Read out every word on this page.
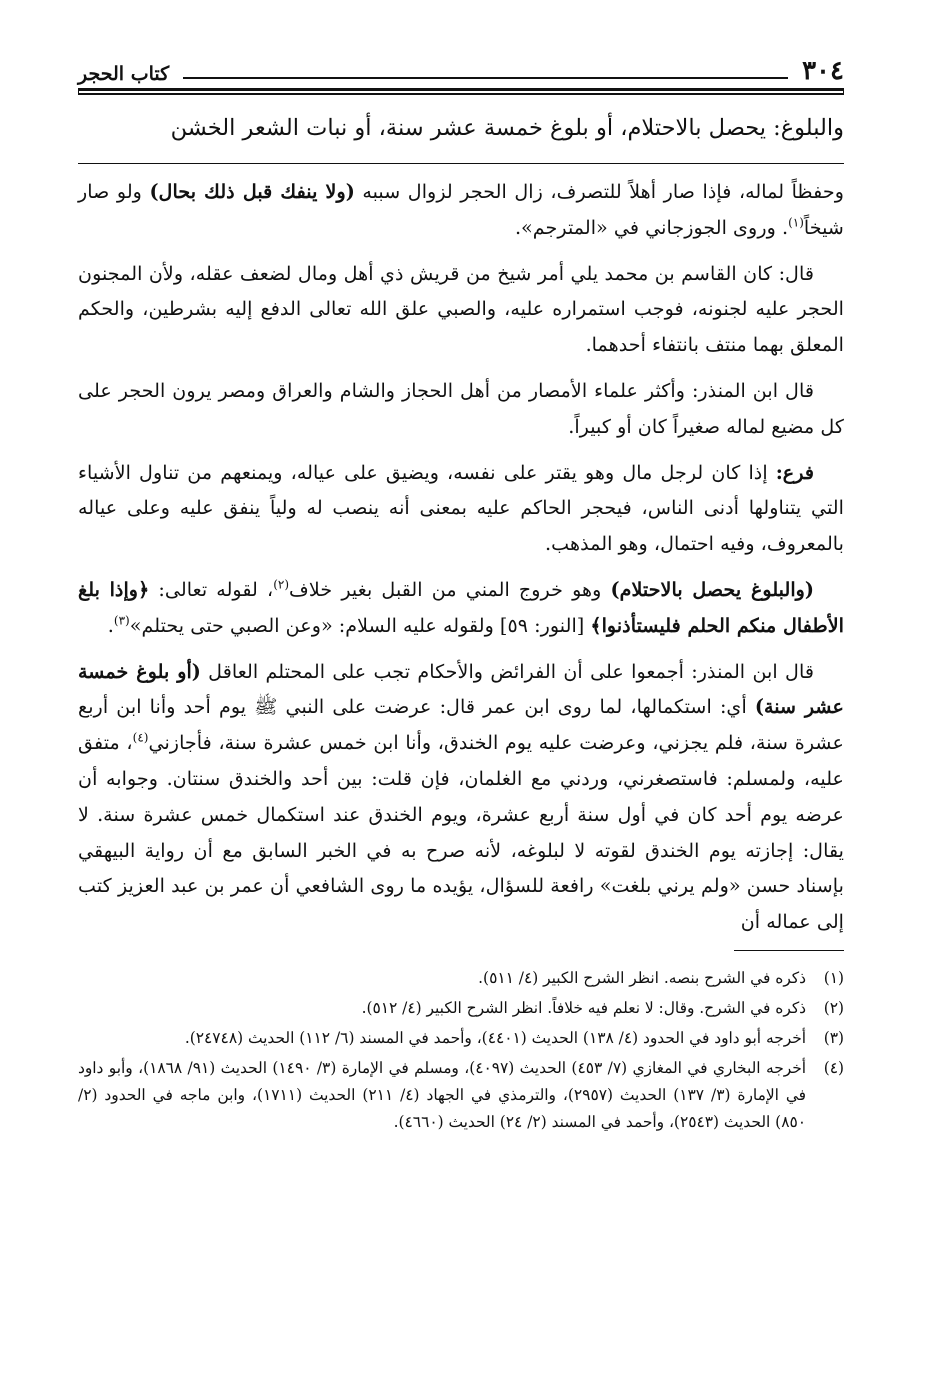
٣٠٤
كتاب الحجر
والبلوغ: يحصل بالاحتلام، أو بلوغ خمسة عشر سنة، أو نبات الشعر الخشن

وحفظاً لماله، فإذا صار أهلاً للتصرف، زال الحجر لزوال سببه (ولا ينفك قبل ذلك بحال) ولو صار شيخاً$^{(١)}$. وروى الجوزجاني في «المترجم».

قال: كان القاسم بن محمد يلي أمر شيخ من قريش ذي أهل ومال لضعف عقله، ولأن المجنون الحجر عليه لجنونه، فوجب استمراره عليه، والصبي علق الله تعالى الدفع إليه بشرطين، والحكم المعلق بهما منتف بانتفاء أحدهما.

قال ابن المنذر: وأكثر علماء الأمصار من أهل الحجاز والشام والعراق ومصر يرون الحجر على كل مضيع لماله صغيراً كان أو كبيراً.

فرع: إذا كان لرجل مال وهو يقتر على نفسه، ويضيق على عياله، ويمنعهم من تناول الأشياء التي يتناولها أدنى الناس، فيحجر الحاكم عليه بمعنى أنه ينصب له ولياً ينفق عليه وعلى عياله بالمعروف، وفيه احتمال، وهو المذهب.

(والبلوغ يحصل بالاحتلام) وهو خروج المني من القبل بغير خلاف$^{(٢)}$، لقوله تعالى: ﴿وإذا بلغ الأطفال منكم الحلم فليستأذنوا﴾ [النور: ٥٩] ولقوله عليه السلام: «وعن الصبي حتى يحتلم»$^{(٣)}$.

قال ابن المنذر: أجمعوا على أن الفرائض والأحكام تجب على المحتلم العاقل (أو بلوغ خمسة عشر سنة) أي: استكمالها، لما روى ابن عمر قال: عرضت على النبي ﷺ يوم أحد وأنا ابن أربع عشرة سنة، فلم يجزني، وعرضت عليه يوم الخندق، وأنا ابن خمس عشرة سنة، فأجازني$^{(٤)}$، متفق عليه، ولمسلم: فاستصغرني، وردني مع الغلمان، فإن قلت: بين أحد والخندق سنتان. وجوابه أن عرضه يوم أحد كان في أول سنة أربع عشرة، ويوم الخندق عند استكمال خمس عشرة سنة. لا يقال: إجازته يوم الخندق لقوته لا لبلوغه، لأنه صرح به في الخبر السابق مع أن رواية البيهقي بإسناد حسن «ولم يرني بلغت» رافعة للسؤال، يؤيده ما روى الشافعي أن عمر بن عبد العزيز كتب إلى عماله أن

(١)
ذكره في الشرح بنصه. انظر الشرح الكبير (٤/ ٥١١).
(٢)
ذكره في الشرح. وقال: لا نعلم فيه خلافاً. انظر الشرح الكبير (٤/ ٥١٢).
(٣)
أخرجه أبو داود في الحدود (٤/ ١٣٨) الحديث (٤٤٠١)، وأحمد في المسند (٦/ ١١٢) الحديث (٢٤٧٤٨).
(٤)
أخرجه البخاري في المغازي (٧/ ٤٥٣) الحديث (٤٠٩٧)، ومسلم في الإمارة (٣/ ١٤٩٠) الحديث (٩١/ ١٨٦٨)، وأبو داود في الإمارة (٣/ ١٣٧) الحديث (٢٩٥٧)، والترمذي في الجهاد (٤/ ٢١١) الحديث (١٧١١)، وابن ماجه في الحدود (٢/ ٨٥٠) الحديث (٢٥٤٣)، وأحمد في المسند (٢/ ٢٤) الحديث (٤٦٦٠).
